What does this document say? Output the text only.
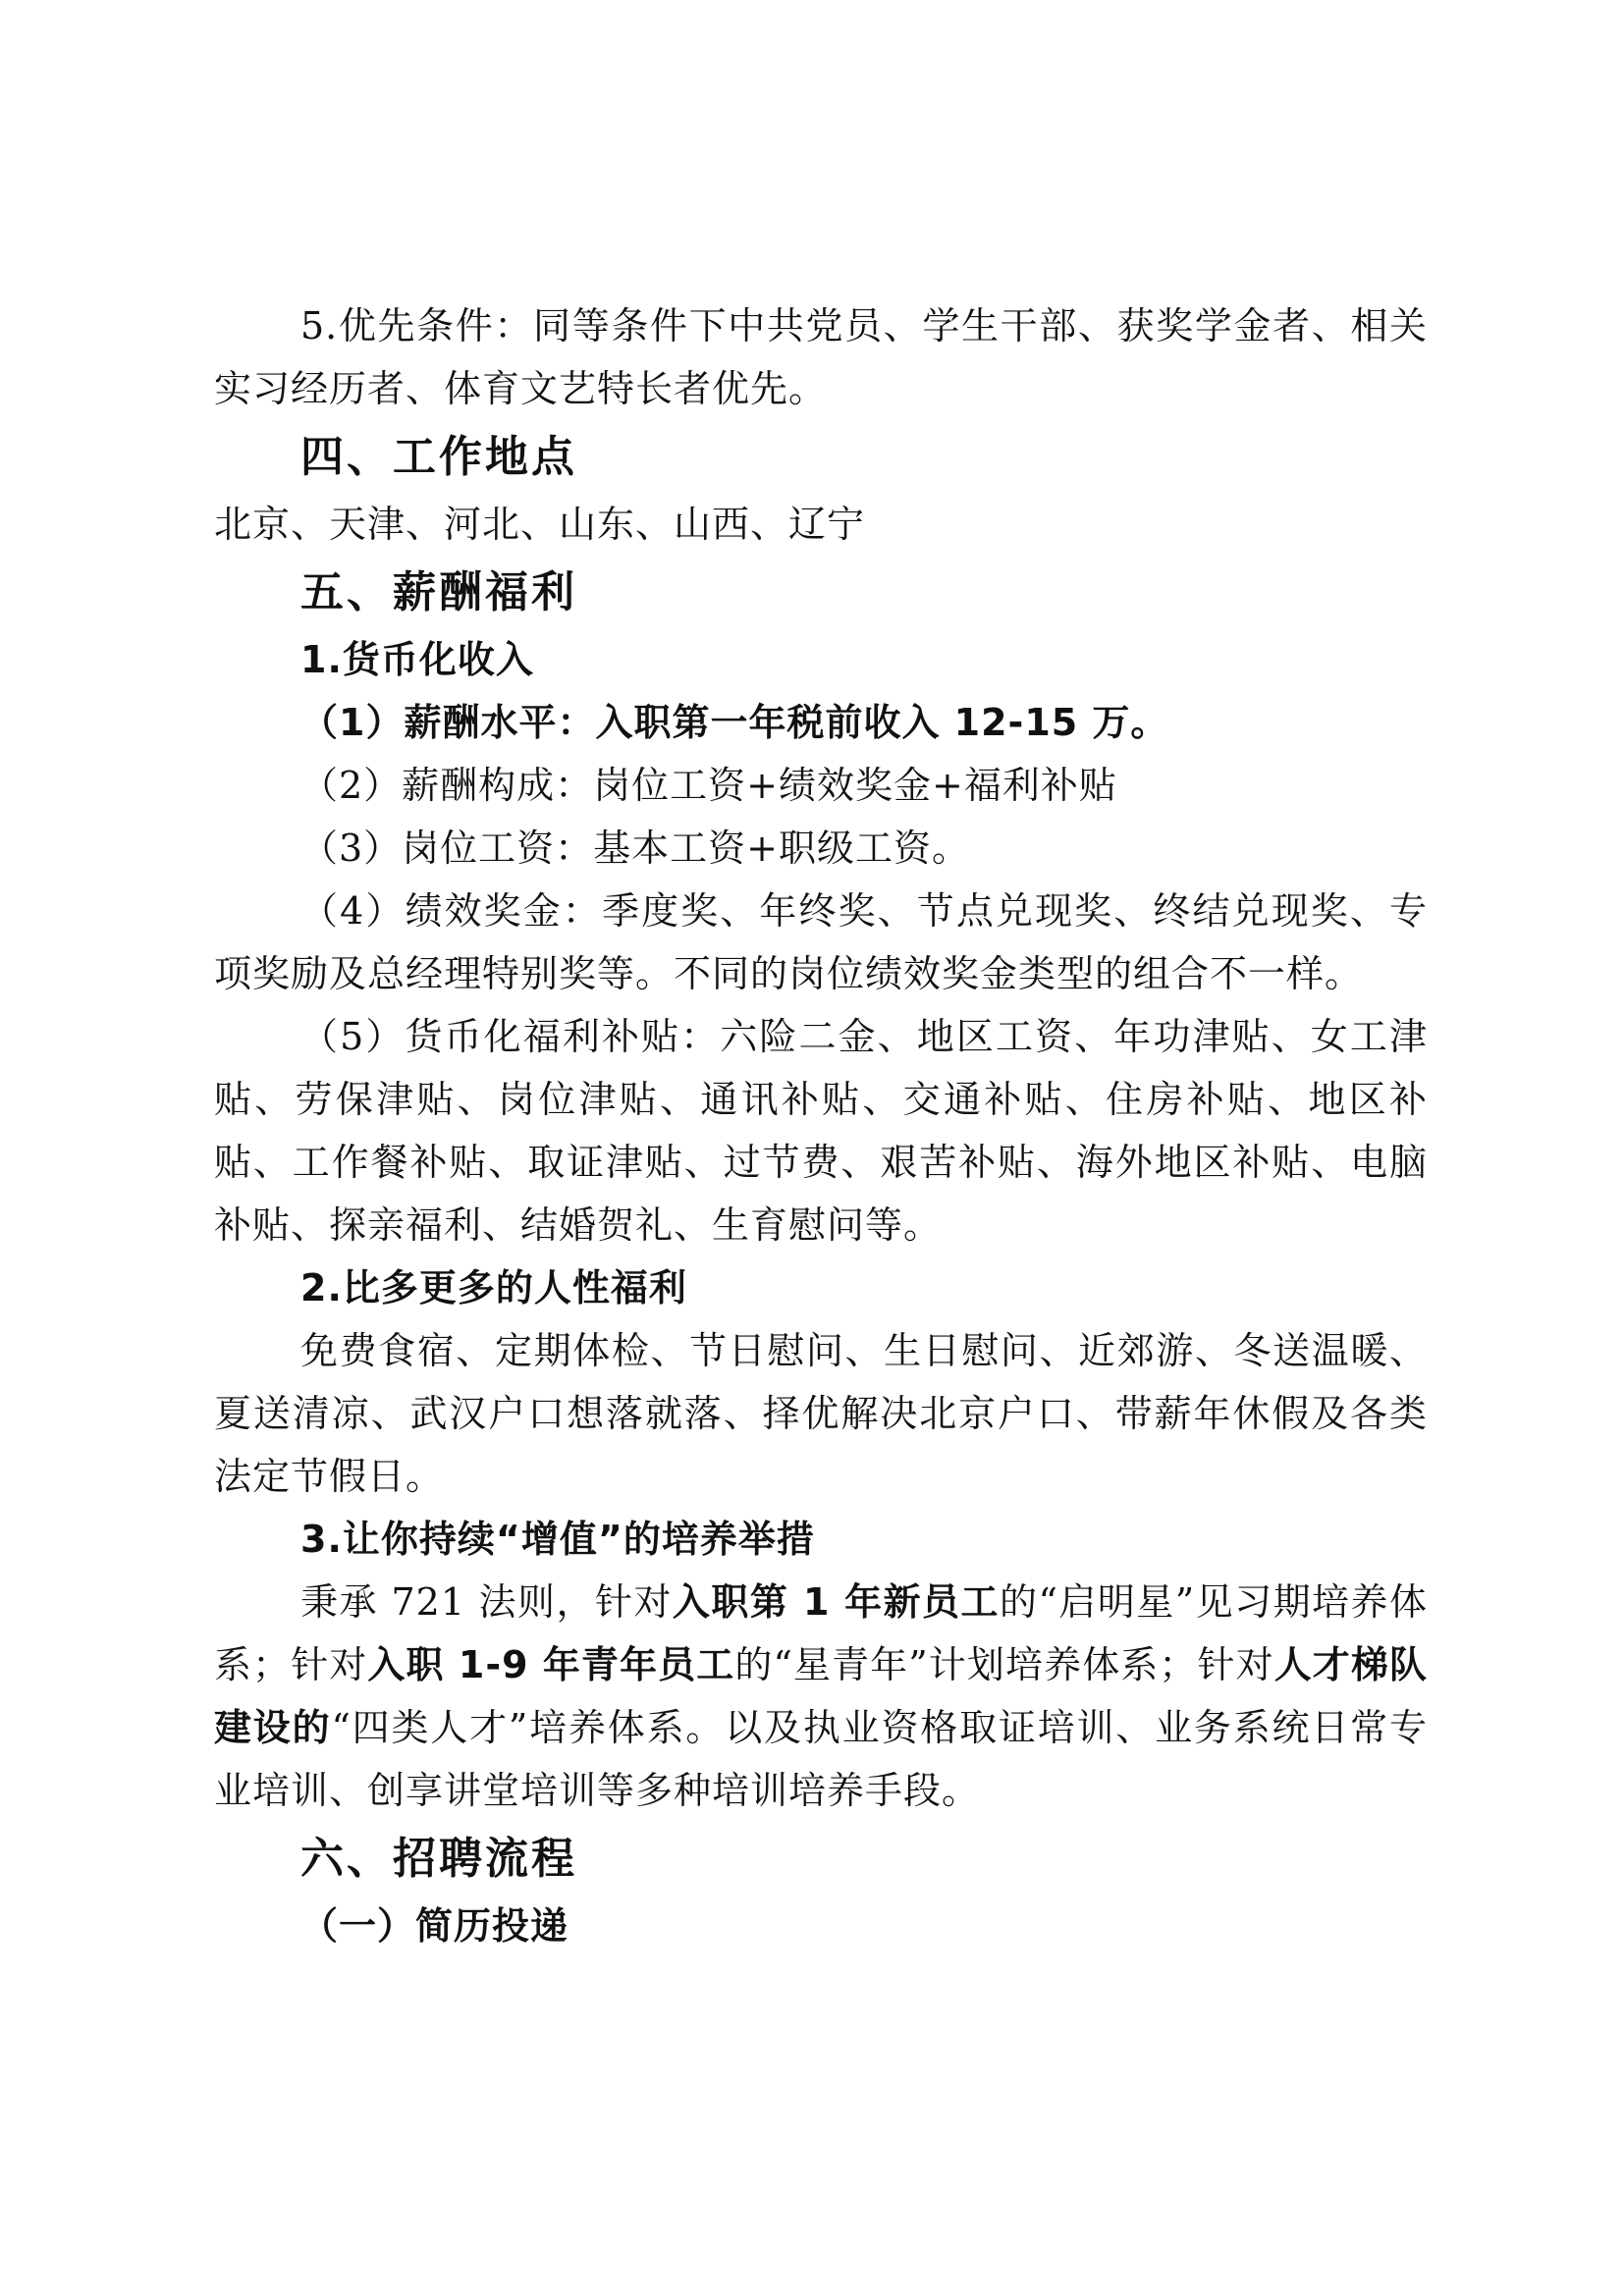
5.优先条件：同等条件下中共党员、学生干部、获奖学金者、相关实习经历者、体育文艺特长者优先。

四、工作地点

北京、天津、河北、山东、山西、辽宁

五、薪酬福利

1.货币化收入

（1）薪酬水平：入职第一年税前收入 12-15 万。

（2）薪酬构成：岗位工资+绩效奖金+福利补贴

（3）岗位工资：基本工资+职级工资。

（4）绩效奖金：季度奖、年终奖、节点兑现奖、终结兑现奖、专项奖励及总经理特别奖等。不同的岗位绩效奖金类型的组合不一样。

（5）货币化福利补贴：六险二金、地区工资、年功津贴、女工津贴、劳保津贴、岗位津贴、通讯补贴、交通补贴、住房补贴、地区补贴、工作餐补贴、取证津贴、过节费、艰苦补贴、海外地区补贴、电脑补贴、探亲福利、结婚贺礼、生育慰问等。

2.比多更多的人性福利

免费食宿、定期体检、节日慰问、生日慰问、近郊游、冬送温暖、夏送清凉、武汉户口想落就落、择优解决北京户口、带薪年休假及各类法定节假日。

3.让你持续“增值”的培养举措

秉承 721 法则，针对入职第 1 年新员工的“启明星”见习期培养体系；针对入职 1-9 年青年员工的“星青年”计划培养体系；针对人才梯队建设的“四类人才”培养体系。以及执业资格取证培训、业务系统日常专业培训、创享讲堂培训等多种培训培养手段。

六、招聘流程

（一）简历投递
